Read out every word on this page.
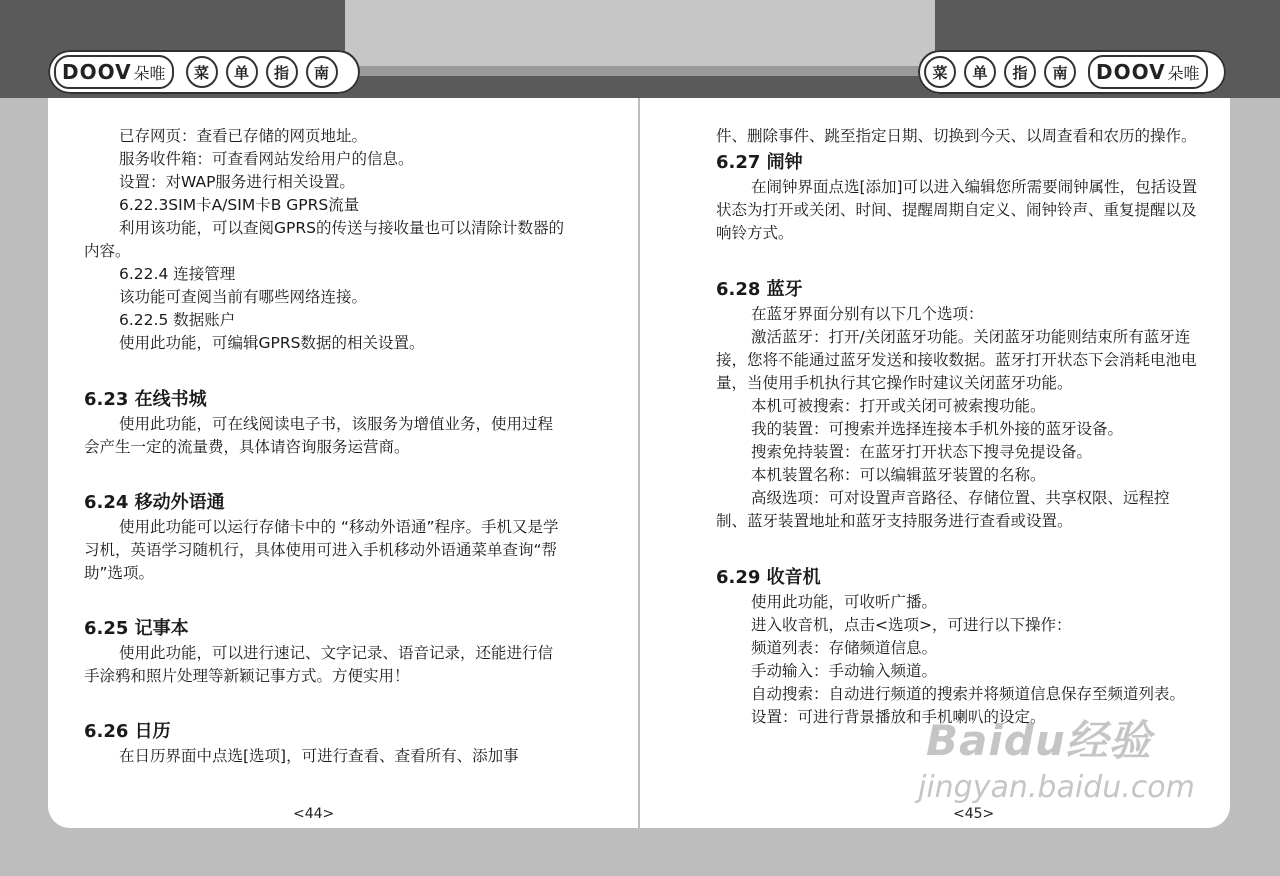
DOOV 朵唯	菜	单	指	南	菜	单	指	南	DOOV 朵唯

已存网页：查看已存储的网页地址。

服务收件箱：可查看网站发给用户的信息。

设置：对WAP服务进行相关设置。

6.22.3SIM卡A/SIM卡B GPRS流量

利用该功能，可以查阅GPRS的传送与接收量也可以清除计数器的内容。

6.22.4 连接管理

该功能可查阅当前有哪些网络连接。

6.22.5 数据账户

使用此功能，可编辑GPRS数据的相关设置。

6.23 在线书城

使用此功能，可在线阅读电子书，该服务为增值业务，使用过程会产生一定的流量费，具体请咨询服务运营商。

6.24 移动外语通

使用此功能可以运行存储卡中的 “移动外语通”程序。手机又是学习机，英语学习随机行，具体使用可进入手机移动外语通菜单查询“帮助”选项。

6.25 记事本

使用此功能，可以进行速记、文字记录、语音记录，还能进行信手涂鸦和照片处理等新颖记事方式。方便实用！

6.26 日历

在日历界面中点选[选项]，可进行查看、查看所有、添加事

件、删除事件、跳至指定日期、切换到今天、以周查看和农历的操作。

6.27 闹钟

在闹钟界面点选[添加]可以进入编辑您所需要闹钟属性，包括设置状态为打开或关闭、时间、提醒周期自定义、闹钟铃声、重复提醒以及响铃方式。

6.28 蓝牙

在蓝牙界面分别有以下几个选项：

激活蓝牙：打开/关闭蓝牙功能。关闭蓝牙功能则结束所有蓝牙连接，您将不能通过蓝牙发送和接收数据。蓝牙打开状态下会消耗电池电量，当使用手机执行其它操作时建议关闭蓝牙功能。

本机可被搜索：打开或关闭可被索搜功能。

我的装置：可搜索并选择连接本手机外接的蓝牙设备。

搜索免持装置：在蓝牙打开状态下搜寻免提设备。

本机装置名称：可以编辑蓝牙装置的名称。

高级选项：可对设置声音路径、存储位置、共享权限、远程控制、蓝牙装置地址和蓝牙支持服务进行查看或设置。

6.29 收音机

使用此功能，可收听广播。

进入收音机，点击<选项>，可进行以下操作：

频道列表：存储频道信息。

手动输入：手动输入频道。

自动搜索：自动进行频道的搜索并将频道信息保存至频道列表。

设置：可进行背景播放和手机喇叭的设定。

<44>	<45>
Baidu经验
jingyan.baidu.com
